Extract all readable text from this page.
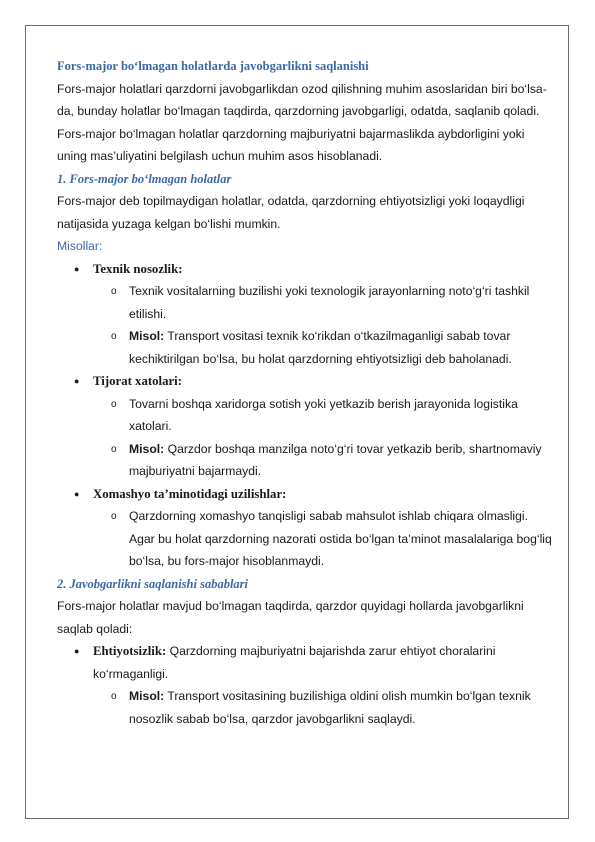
Fors-major bo‘lmagan holatlarda javobgarlikni saqlanishi

Fors-major holatlari qarzdorni javobgarlikdan ozod qilishning muhim asoslaridan biri bo‘lsa-da, bunday holatlar bo‘lmagan taqdirda, qarzdorning javobgarligi, odatda, saqlanib qoladi. Fors-major bo‘lmagan holatlar qarzdorning majburiyatni bajarmaslikda aybdorligini yoki uning mas’uliyatini belgilash uchun muhim asos hisoblanadi.

1. Fors-major bo‘lmagan holatlar

Fors-major deb topilmaydigan holatlar, odatda, qarzdorning ehtiyotsizligi yoki loqaydligi natijasida yuzaga kelgan bo‘lishi mumkin.

Misollar:

● Texnik nosozlik:
o Texnik vositalarning buzilishi yoki texnologik jarayonlarning noto‘g‘ri tashkil etilishi.
o Misol: Transport vositasi texnik ko‘rikdan o‘tkazilmaganligi sabab tovar kechiktirilgan bo‘lsa, bu holat qarzdorning ehtiyotsizligi deb baholanadi.
● Tijorat xatolari:
o Tovarni boshqa xaridorga sotish yoki yetkazib berish jarayonida logistika xatolari.
o Misol: Qarzdor boshqa manzilga noto‘g‘ri tovar yetkazib berib, shartnomaviy majburiyatni bajarmaydi.
● Xomashyo ta’minotidagi uzilishlar:
o Qarzdorning xomashyo tanqisligi sabab mahsulot ishlab chiqara olmasligi. Agar bu holat qarzdorning nazorati ostida bo‘lgan ta’minot masalalariga bog‘liq bo‘lsa, bu fors-major hisoblanmaydi.

2. Javobgarlikni saqlanishi sabablari

Fors-major holatlar mavjud bo‘lmagan taqdirda, qarzdor quyidagi hollarda javobgarlikni saqlab qoladi:

● Ehtiyotsizlik: Qarzdorning majburiyatni bajarishda zarur ehtiyot choralarini ko‘rmaganligi.
o Misol: Transport vositasining buzilishiga oldini olish mumkin bo‘lgan texnik nosozlik sabab bo‘lsa, qarzdor javobgarlikni saqlaydi.
